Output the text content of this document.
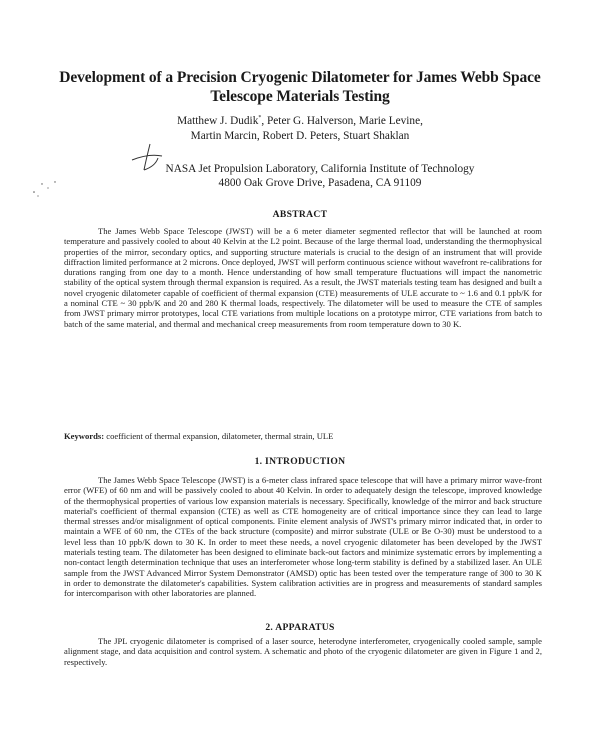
Development of a Precision Cryogenic Dilatometer for James Webb Space Telescope Materials Testing
Matthew J. Dudik*, Peter G. Halverson, Marie Levine,
Martin Marcin, Robert D. Peters, Stuart Shaklan
NASA Jet Propulsion Laboratory, California Institute of Technology
4800 Oak Grove Drive, Pasadena, CA 91109
ABSTRACT

The James Webb Space Telescope (JWST) will be a 6 meter diameter segmented reflector that will be launched at room temperature and passively cooled to about 40 Kelvin at the L2 point. Because of the large thermal load, understanding the thermophysical properties of the mirror, secondary optics, and supporting structure materials is crucial to the design of an instrument that will provide diffraction limited performance at 2 microns. Once deployed, JWST will perform continuous science without wavefront re-calibrations for durations ranging from one day to a month. Hence understanding of how small temperature fluctuations will impact the nanometric stability of the optical system through thermal expansion is required. As a result, the JWST materials testing team has designed and built a novel cryogenic dilatometer capable of coefficient of thermal expansion (CTE) measurements of ULE accurate to ~ 1.6 and 0.1 ppb/K for a nominal CTE ~ 30 ppb/K and 20 and 280 K thermal loads, respectively. The dilatometer will be used to measure the CTE of samples from JWST primary mirror prototypes, local CTE variations from multiple locations on a prototype mirror, CTE variations from batch to batch of the same material, and thermal and mechanical creep measurements from room temperature down to 30 K.

Keywords: coefficient of thermal expansion, dilatometer, thermal strain, ULE
1. INTRODUCTION

The James Webb Space Telescope (JWST) is a 6-meter class infrared space telescope that will have a primary mirror wave-front error (WFE) of 60 nm and will be passively cooled to about 40 Kelvin. In order to adequately design the telescope, improved knowledge of the thermophysical properties of various low expansion materials is necessary. Specifically, knowledge of the mirror and back structure material's coefficient of thermal expansion (CTE) as well as CTE homogeneity are of critical importance since they can lead to large thermal stresses and/or misalignment of optical components. Finite element analysis of JWST's primary mirror indicated that, in order to maintain a WFE of 60 nm, the CTEs of the back structure (composite) and mirror substrate (ULE or Be O-30) must be understood to a level less than 10 ppb/K down to 30 K. In order to meet these needs, a novel cryogenic dilatometer has been developed by the JWST materials testing team. The dilatometer has been designed to eliminate back-out factors and minimize systematic errors by implementing a non-contact length determination technique that uses an interferometer whose long-term stability is defined by a stabilized laser. An ULE sample from the JWST Advanced Mirror System Demonstrator (AMSD) optic has been tested over the temperature range of 300 to 30 K in order to demonstrate the dilatometer's capabilities. System calibration activities are in progress and measurements of standard samples for intercomparison with other laboratories are planned.

2. APPARATUS

The JPL cryogenic dilatometer is comprised of a laser source, heterodyne interferometer, cryogenically cooled sample, sample alignment stage, and data acquisition and control system. A schematic and photo of the cryogenic dilatometer are given in Figure 1 and 2, respectively.
